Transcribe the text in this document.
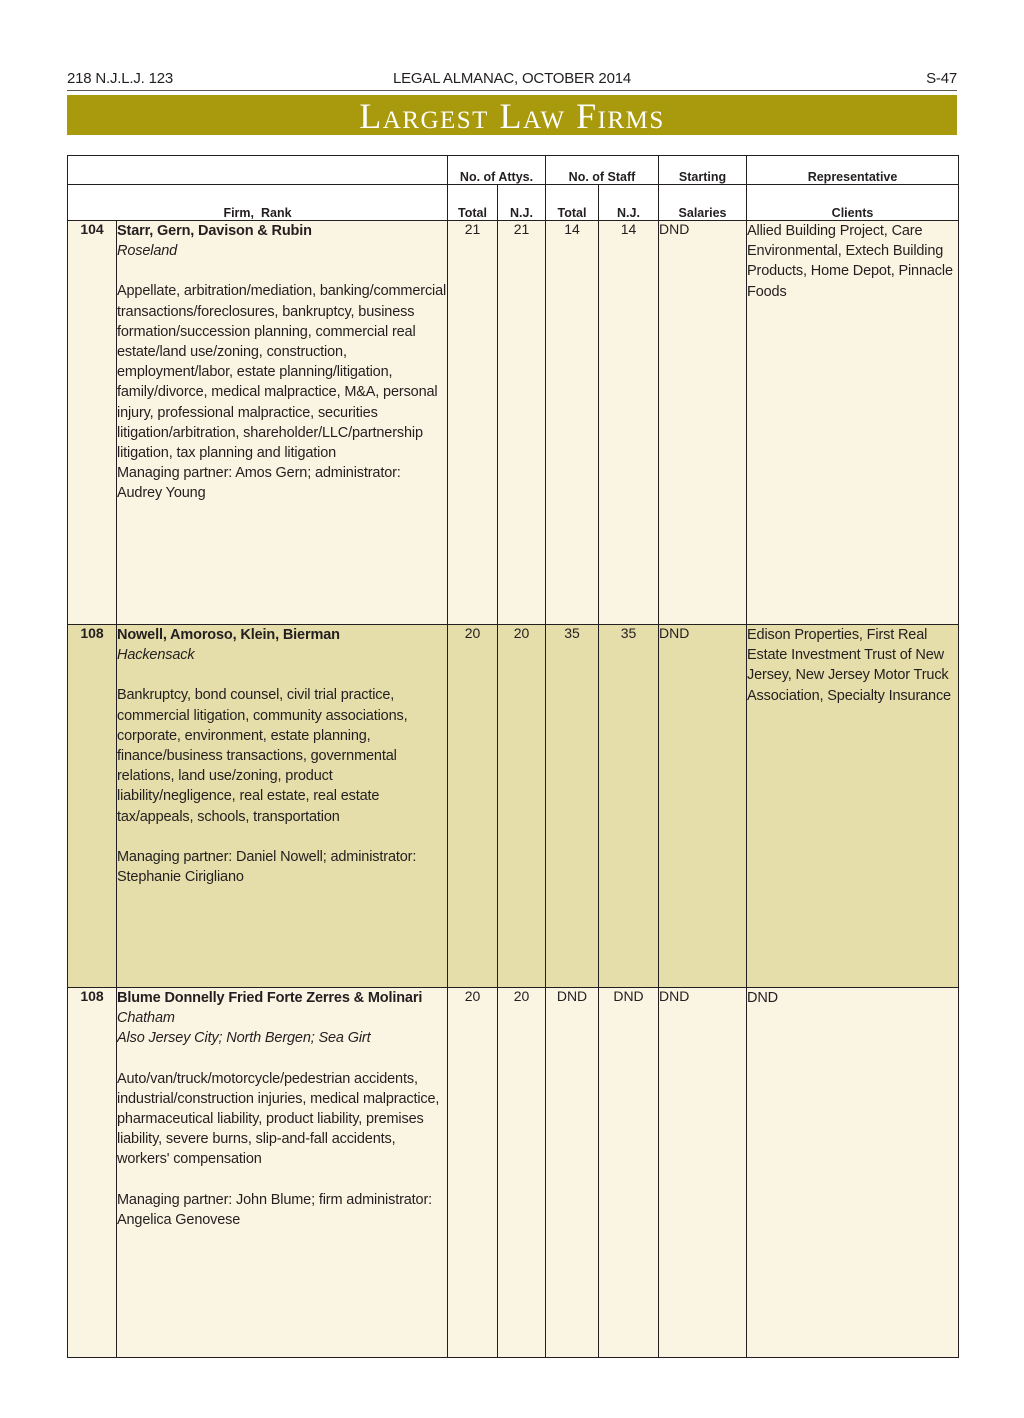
218 N.J.L.J. 123	LEGAL ALMANAC, OCTOBER 2014	S-47
Largest Law Firms
		No. of Attys.		No. of Staff		Starting	Representative
Firm,  Rank		Total	N.J.	Total	N.J.	Salaries	Clients
104	Starr, Gern, Davison & Rubin
Roseland
Appellate, arbitration/mediation, banking/commercial transactions/foreclosures, bankruptcy, business formation/succession planning, commercial real estate/land use/zoning, construction, employment/labor, estate planning/litigation, family/divorce, medical malpractice, M&A, personal injury, professional malpractice, securities litigation/arbitration, shareholder/LLC/partnership litigation, tax planning and litigation
Managing partner: Amos Gern; administrator: Audrey Young	21	21	14	14	DND	Allied Building Project, Care Environmental, Extech Building Products, Home Depot, Pinnacle Foods
108	Nowell, Amoroso, Klein, Bierman
Hackensack
Bankruptcy, bond counsel, civil trial practice, commercial litigation, community associations, corporate, environment, estate planning, finance/business transactions, governmental relations, land use/zoning, product liability/negligence, real estate, real estate tax/appeals, schools, transportation
Managing partner: Daniel Nowell; administrator: Stephanie Cirigliano	20	20	35	35	DND	Edison Properties, First Real Estate Investment Trust of New Jersey, New Jersey Motor Truck Association, Specialty Insurance
108	Blume Donnelly Fried Forte Zerres & Molinari
Chatham
Also Jersey City; North Bergen; Sea Girt
Auto/van/truck/motorcycle/pedestrian accidents, industrial/construction injuries, medical malpractice, pharmaceutical liability, product liability, premises liability, severe burns, slip-and-fall accidents, workers' compensation
Managing partner: John Blume; firm administrator: Angelica Genovese	20	20	DND	DND	DND	DND
